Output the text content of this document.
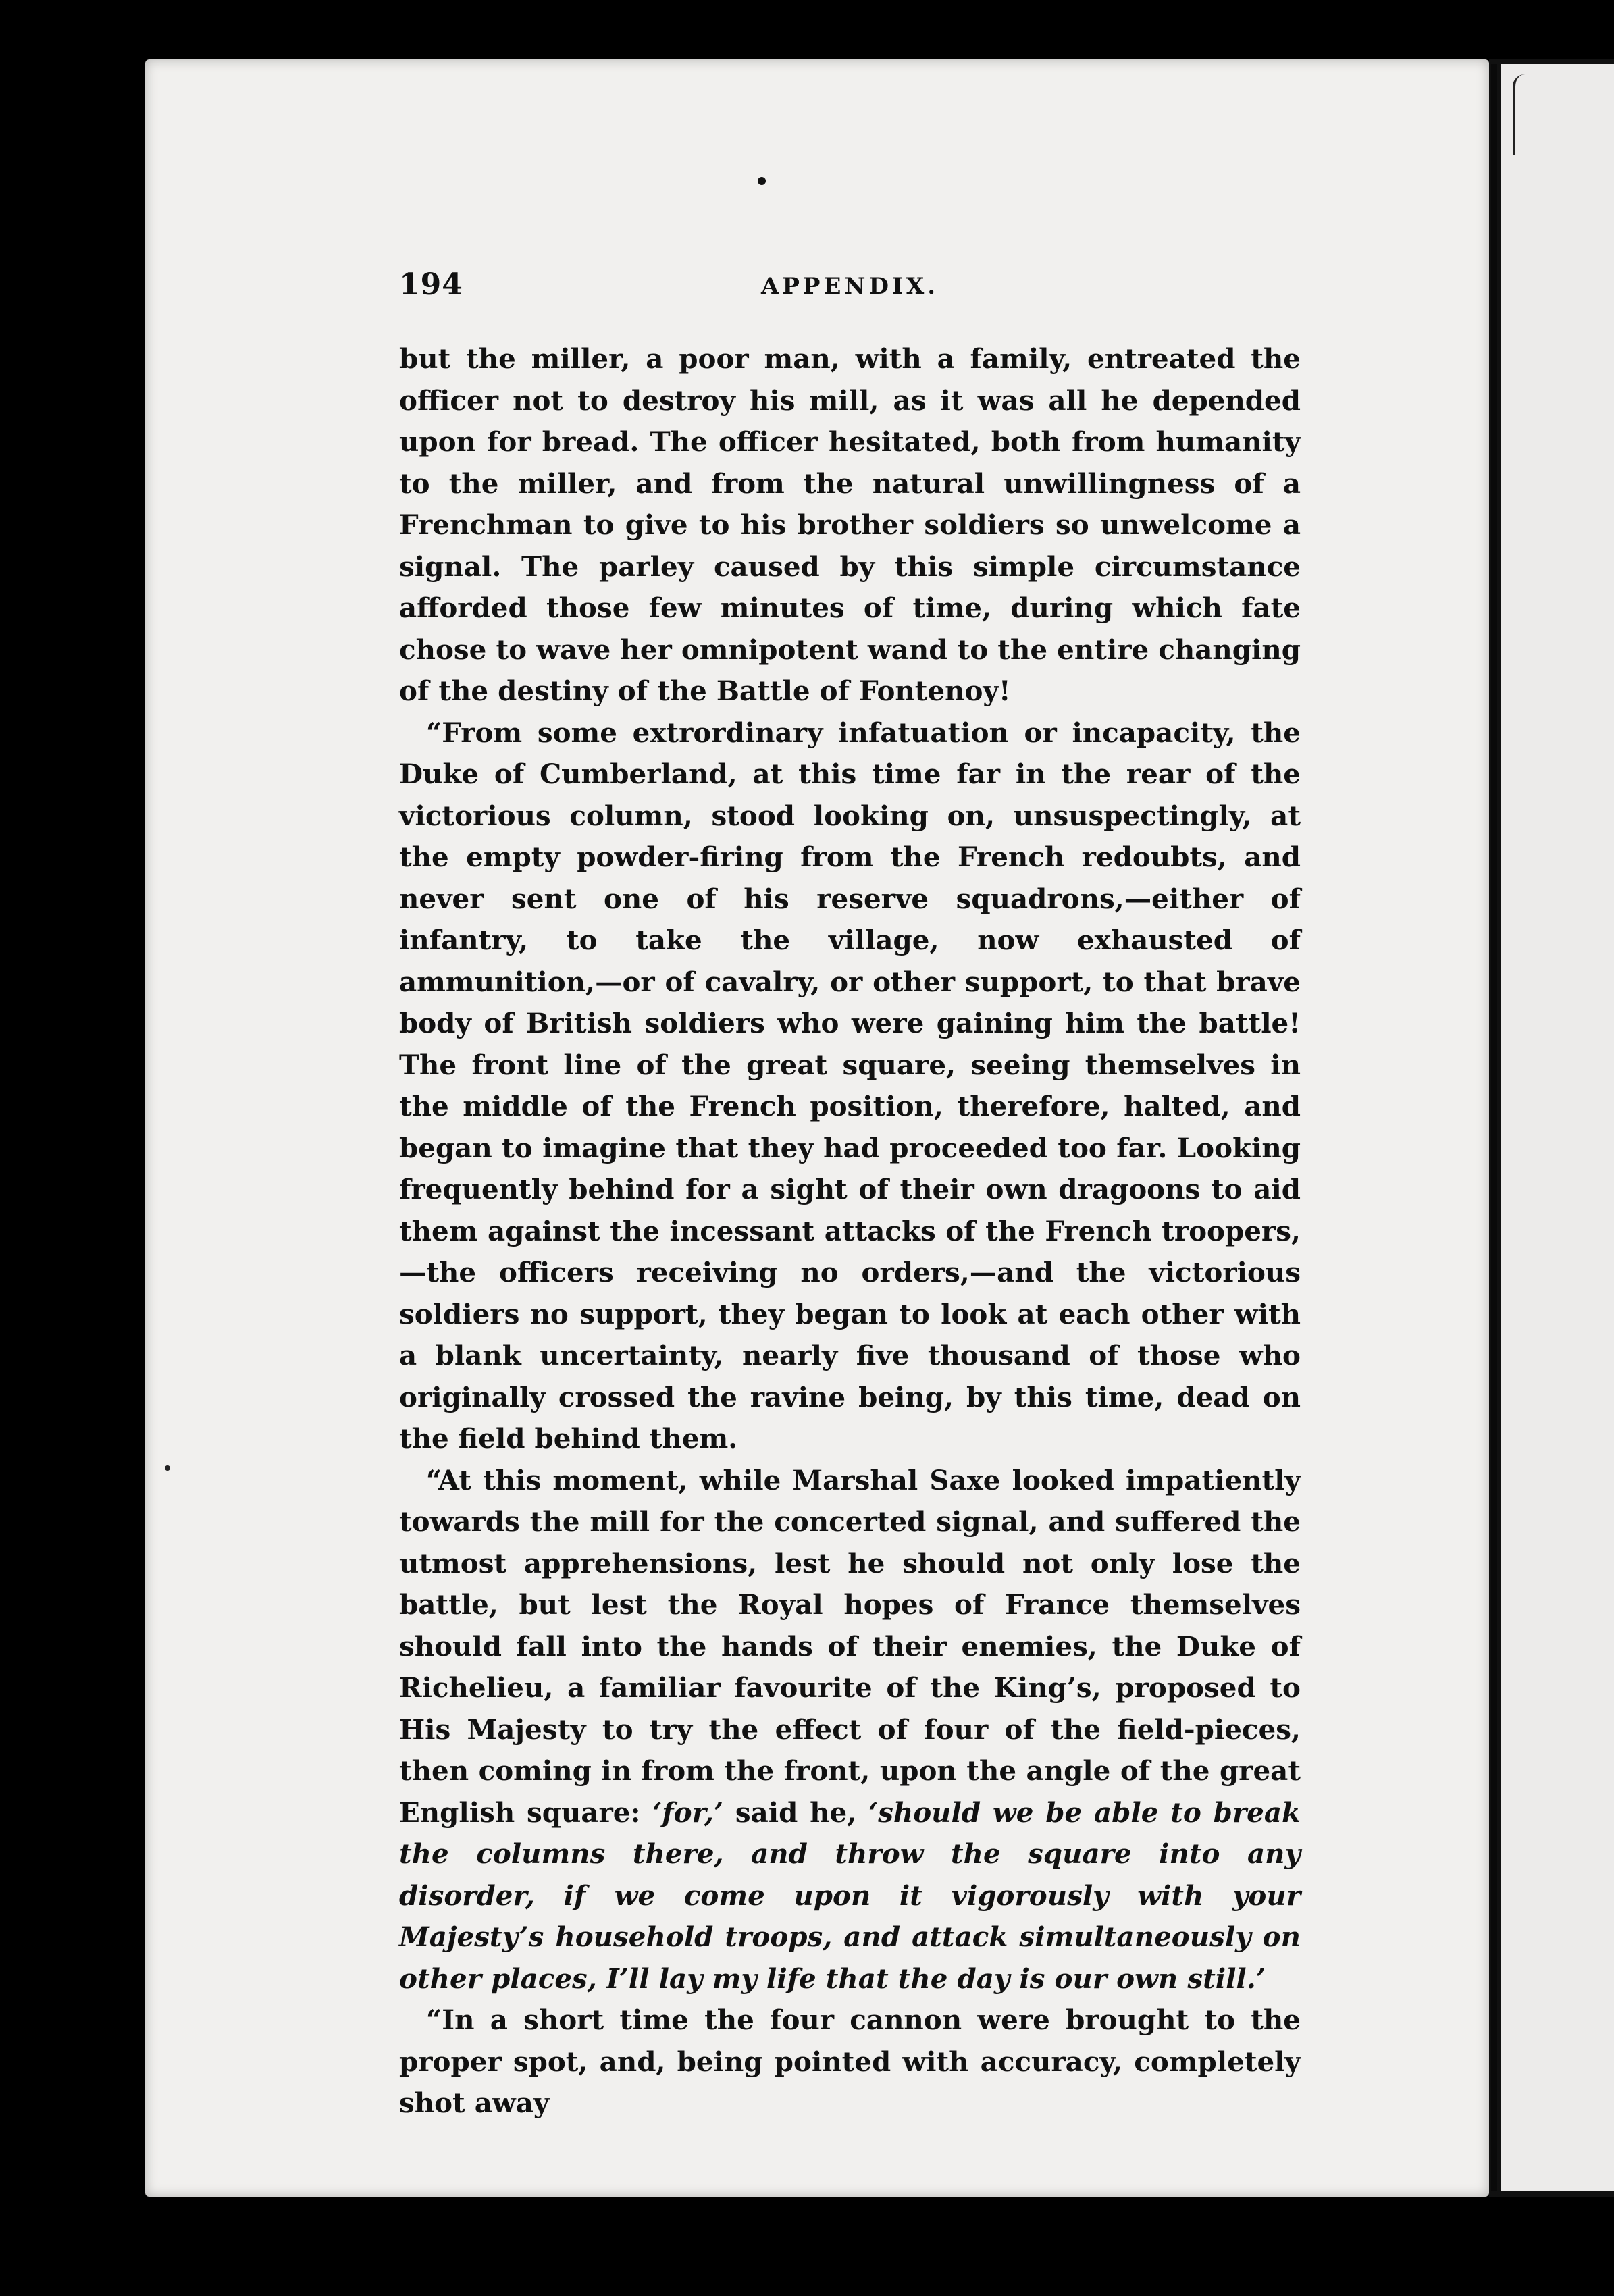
194	APPENDIX.

but the miller, a poor man, with a family, entreated the officer not to destroy his mill, as it was all he depended upon for bread. The officer hesitated, both from humanity to the miller, and from the natural unwillingness of a Frenchman to give to his brother soldiers so unwelcome a signal. The parley caused by this simple circumstance afforded those few minutes of time, during which fate chose to wave her omnipotent wand to the entire changing of the destiny of the Battle of Fontenoy!

“From some extrordinary infatuation or incapacity, the Duke of Cumberland, at this time far in the rear of the victorious column, stood looking on, unsuspectingly, at the empty powder-firing from the French redoubts, and never sent one of his reserve squadrons,—either of infantry, to take the village, now exhausted of ammunition,—or of cavalry, or other support, to that brave body of British soldiers who were gaining him the battle! The front line of the great square, seeing themselves in the middle of the French position, therefore, halted, and began to imagine that they had proceeded too far. Looking frequently behind for a sight of their own dragoons to aid them against the incessant attacks of the French troopers,—the officers receiving no orders,—and the victorious soldiers no support, they began to look at each other with a blank uncertainty, nearly five thousand of those who originally crossed the ravine being, by this time, dead on the field behind them.

“At this moment, while Marshal Saxe looked impatiently towards the mill for the concerted signal, and suffered the utmost apprehensions, lest he should not only lose the battle, but lest the Royal hopes of France themselves should fall into the hands of their enemies, the Duke of Richelieu, a familiar favourite of the King’s, proposed to His Majesty to try the effect of four of the field-pieces, then coming in from the front, upon the angle of the great English square: ‘for,’ said he, ‘should we be able to break the columns there, and throw the square into any disorder, if we come upon it vigorously with your Majesty’s household troops, and attack simultaneously on other places, I’ll lay my life that the day is our own still.’

“In a short time the four cannon were brought to the proper spot, and, being pointed with accuracy, completely shot away
